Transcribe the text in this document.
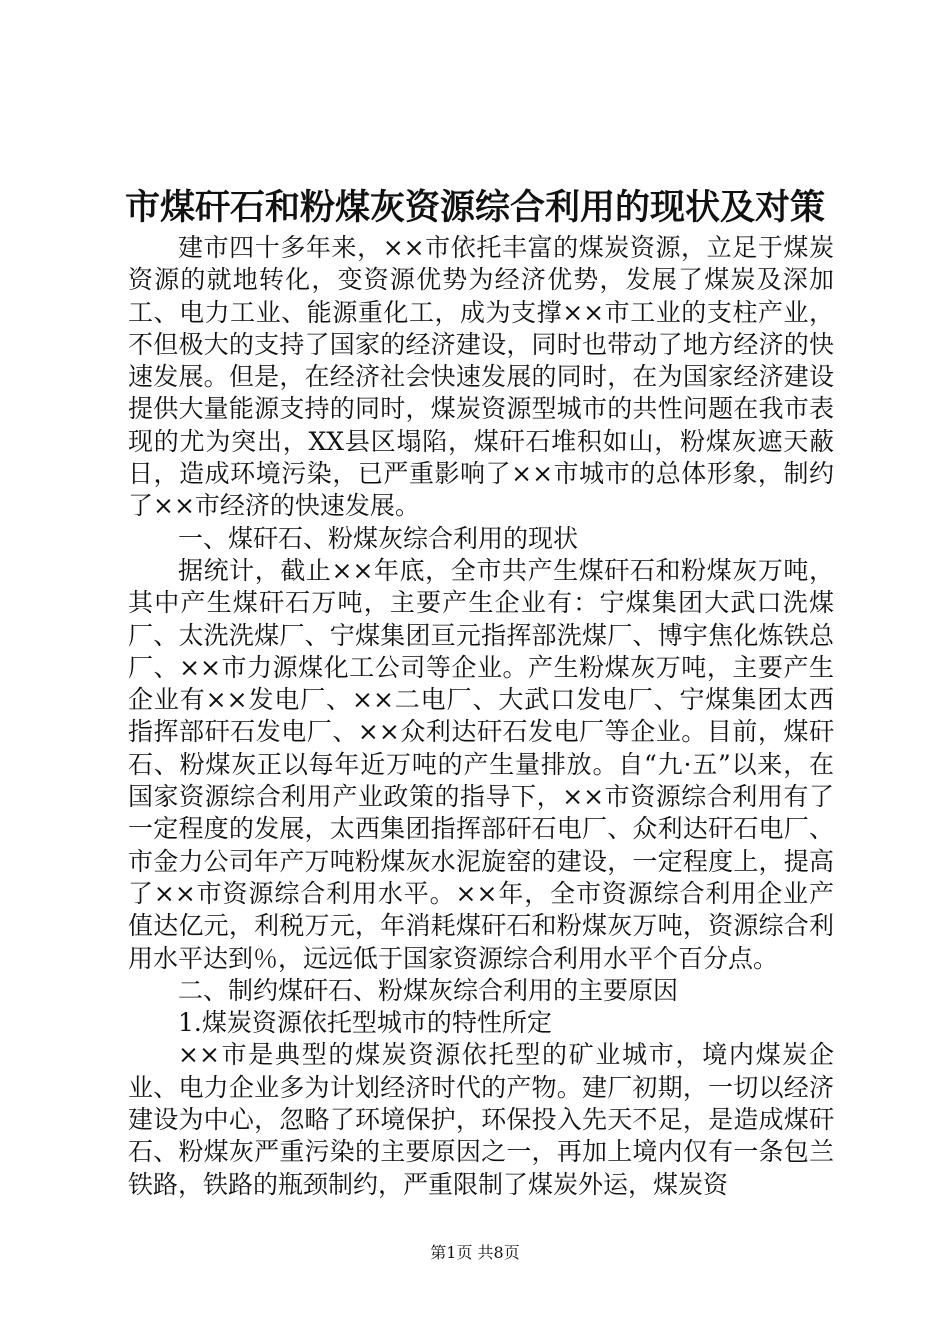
市煤矸石和粉煤灰资源综合利用的现状及对策

建市四十多年来，××市依托丰富的煤炭资源，立足于煤炭资源的就地转化，变资源优势为经济优势，发展了煤炭及深加工、电力工业、能源重化工，成为支撑××市工业的支柱产业，不但极大的支持了国家的经济建设，同时也带动了地方经济的快速发展。但是，在经济社会快速发展的同时，在为国家经济建设提供大量能源支持的同时，煤炭资源型城市的共性问题在我市表现的尤为突出，XX县区塌陷，煤矸石堆积如山，粉煤灰遮天蔽日，造成环境污染，已严重影响了××市城市的总体形象，制约了××市经济的快速发展。

一、煤矸石、粉煤灰综合利用的现状

据统计，截止××年底，全市共产生煤矸石和粉煤灰万吨，其中产生煤矸石万吨，主要产生企业有：宁煤集团大武口洗煤厂、太洗洗煤厂、宁煤集团亘元指挥部洗煤厂、博宇焦化炼铁总厂、××市力源煤化工公司等企业。产生粉煤灰万吨，主要产生企业有××发电厂、××二电厂、大武口发电厂、宁煤集团太西指挥部矸石发电厂、××众利达矸石发电厂等企业。目前，煤矸石、粉煤灰正以每年近万吨的产生量排放。自“九·五”以来，在国家资源综合利用产业政策的指导下，××市资源综合利用有了一定程度的发展，太西集团指挥部矸石电厂、众利达矸石电厂、市金力公司年产万吨粉煤灰水泥旋窑的建设，一定程度上，提高了××市资源综合利用水平。××年，全市资源综合利用企业产值达亿元，利税万元，年消耗煤矸石和粉煤灰万吨，资源综合利用水平达到％，远远低于国家资源综合利用水平个百分点。

二、制约煤矸石、粉煤灰综合利用的主要原因

1.煤炭资源依托型城市的特性所定

××市是典型的煤炭资源依托型的矿业城市，境内煤炭企业、电力企业多为计划经济时代的产物。建厂初期，一切以经济建设为中心，忽略了环境保护，环保投入先天不足，是造成煤矸石、粉煤灰严重污染的主要原因之一，再加上境内仅有一条包兰铁路，铁路的瓶颈制约，严重限制了煤炭外运，煤炭资

第1页 共8页
